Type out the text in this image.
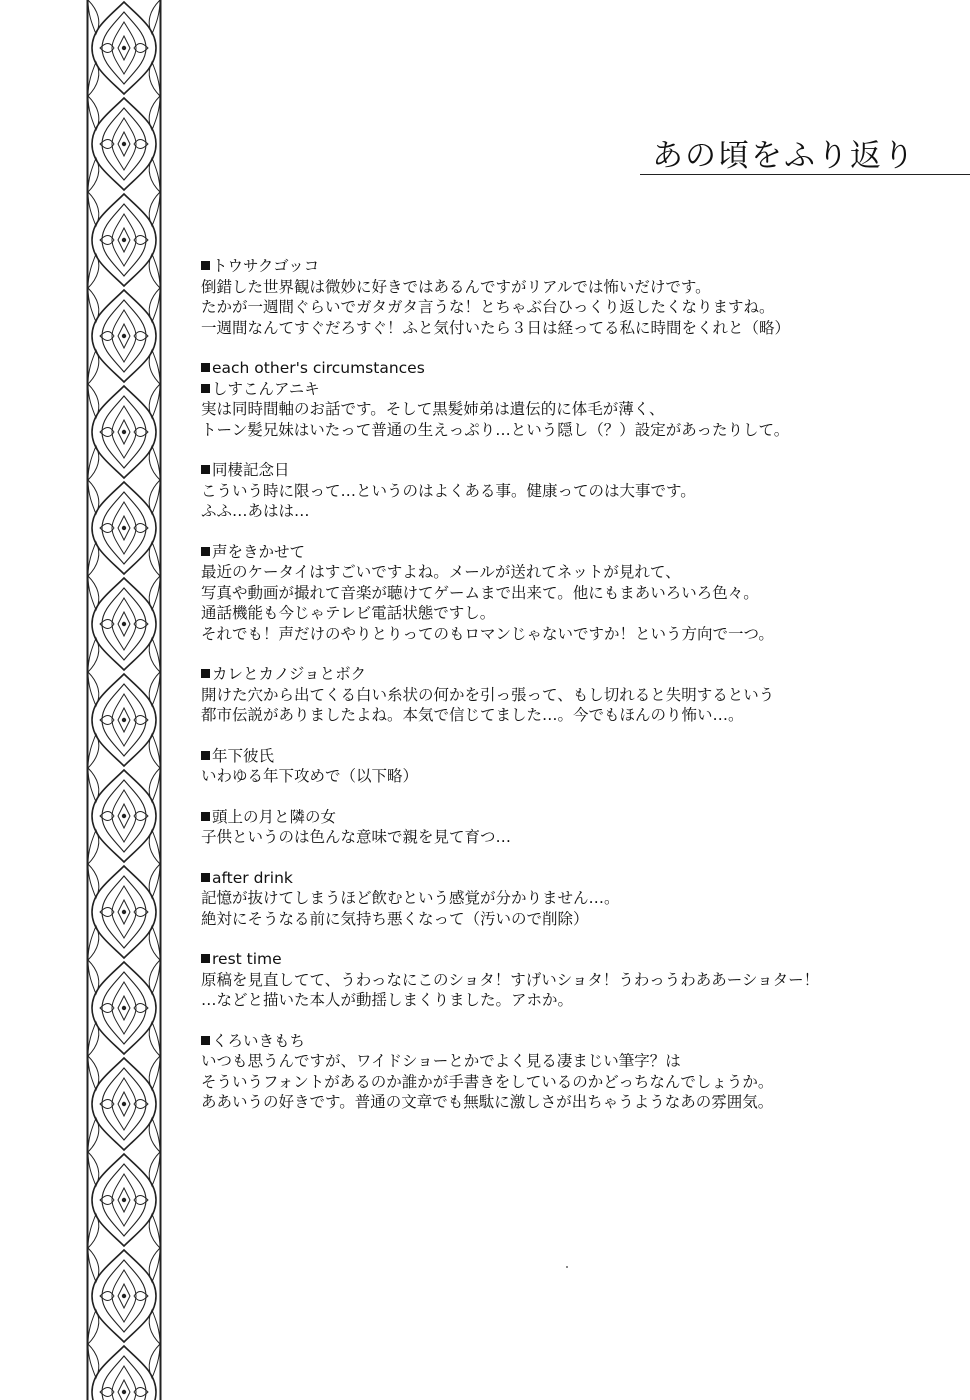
あの頃をふり返り
トウサクゴッコ
倒錯した世界観は微妙に好きではあるんですがリアルでは怖いだけです。
たかが一週間ぐらいでガタガタ言うな！とちゃぶ台ひっくり返したくなりますね。
一週間なんてすぐだろすぐ！ふと気付いたら３日は経ってる私に時間をくれと（略）
each other's circumstances
しすこんアニキ
実は同時間軸のお話です。そして黒髪姉弟は遺伝的に体毛が薄く、
トーン髪兄妹はいたって普通の生えっぷり…という隠し（？）設定があったりして。
同棲記念日
こういう時に限って…というのはよくある事。健康ってのは大事です。
ふふ…あはは…
声をきかせて
最近のケータイはすごいですよね。メールが送れてネットが見れて、
写真や動画が撮れて音楽が聴けてゲームまで出来て。他にもまあいろいろ色々。
通話機能も今じゃテレビ電話状態ですし。
それでも！声だけのやりとりってのもロマンじゃないですか！という方向で一つ。
カレとカノジョとボク
開けた穴から出てくる白い糸状の何かを引っ張って、もし切れると失明するという
都市伝説がありましたよね。本気で信じてました…。今でもほんのり怖い…。
年下彼氏
いわゆる年下攻めで（以下略）
頭上の月と隣の女
子供というのは色んな意味で親を見て育つ…
after drink
記憶が抜けてしまうほど飲むという感覚が分かりません…。
絶対にそうなる前に気持ち悪くなって（汚いので削除）
rest time
原稿を見直してて、うわっなにこのショタ！すげいショタ！うわっうわああーショター！
…などと描いた本人が動揺しまくりました。アホか。
くろいきもち
いつも思うんですが、ワイドショーとかでよく見る凄まじい筆字？は
そういうフォントがあるのか誰かが手書きをしているのかどっちなんでしょうか。
ああいうの好きです。普通の文章でも無駄に激しさが出ちゃうようなあの雰囲気。
